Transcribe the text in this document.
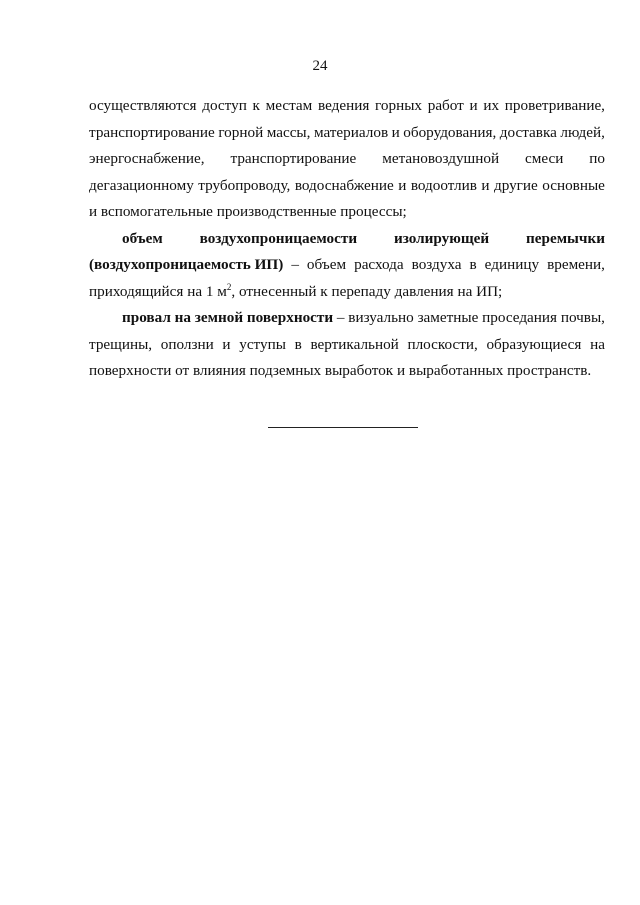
24
осуществляются доступ к местам ведения горных работ и их проветривание,
транспортирование горной массы, материалов и оборудования, доставка людей,
энергоснабжение, транспортирование метановоздушной смеси по
дегазационному трубопроводу, водоснабжение и водоотлив и другие основные
и вспомогательные производственные процессы;
объем воздухопроницаемости изолирующей перемычки
(воздухопроницаемость ИП) – объем расхода воздуха в единицу времени,
приходящийся на 1 $м^2$, отнесенный к перепаду давления на ИП;
провал на земной поверхности – визуально заметные проседания почвы,
трещины, оползни и уступы в вертикальной плоскости, образующиеся на
поверхности от влияния подземных выработок и выработанных пространств.
